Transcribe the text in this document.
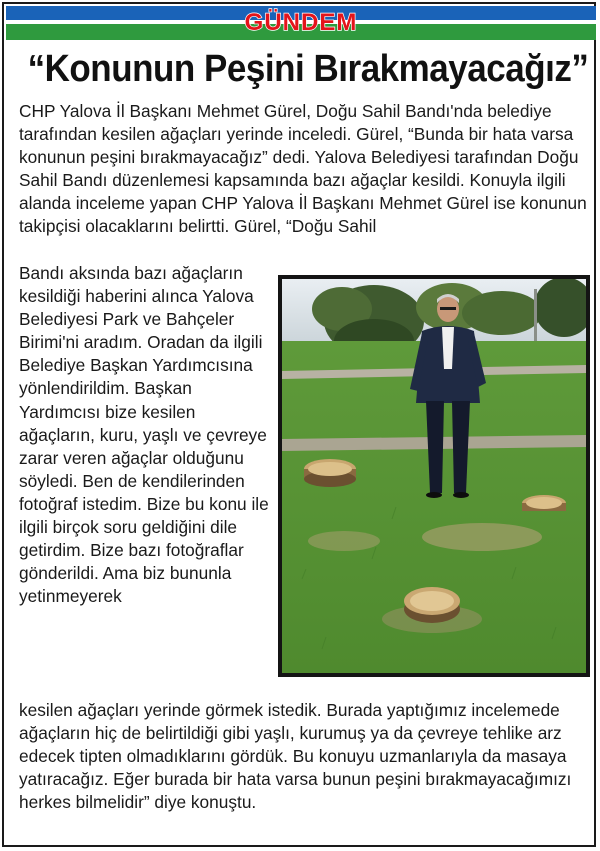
GÜNDEM
“Konunun Peşini Bırakmayacağız”

CHP Yalova İl Başkanı Mehmet Gürel, Doğu Sahil Bandı'nda belediye tarafından kesilen ağaçları yerinde inceledi. Gürel, “Bunda bir hata varsa konunun peşini bırakmayacağız” dedi. Yalova Belediyesi tarafından Doğu Sahil Bandı düzenlemesi kapsamında bazı ağaçlar kesildi. Konuyla ilgili alanda inceleme yapan CHP Yalova İl Başkanı Mehmet Gürel ise konunun takipçisi olacaklarını belirtti. Gürel, “Doğu Sahil

Bandı aksında bazı ağaçların kesildiği haberini alınca Yalova Belediyesi Park ve Bahçeler Birimi'ni aradım. Oradan da ilgili Belediye Başkan Yardımcısına yönlendirildim. Başkan Yardımcısı bize kesilen ağaçların, kuru, yaşlı ve çevreye zarar veren ağaçlar olduğunu söyledi. Ben de kendilerinden fotoğraf istedim. Bize bu konu ile ilgili birçok soru geldiğini dile getirdim. Bize bazı fotoğraflar gönderildi. Ama biz bununla yetinmeyerek

kesilen ağaçları yerinde görmek istedik. Burada yaptığımız incelemede ağaçların hiç de belirtildiği gibi yaşlı, kurumuş ya da çevreye tehlike arz edecek tipten olmadıklarını gördük. Bu konuyu uzmanlarıyla da masaya yatıracağız. Eğer burada bir hata varsa bunun peşini bırakmayacağımızı herkes bilmelidir” diye konuştu.
